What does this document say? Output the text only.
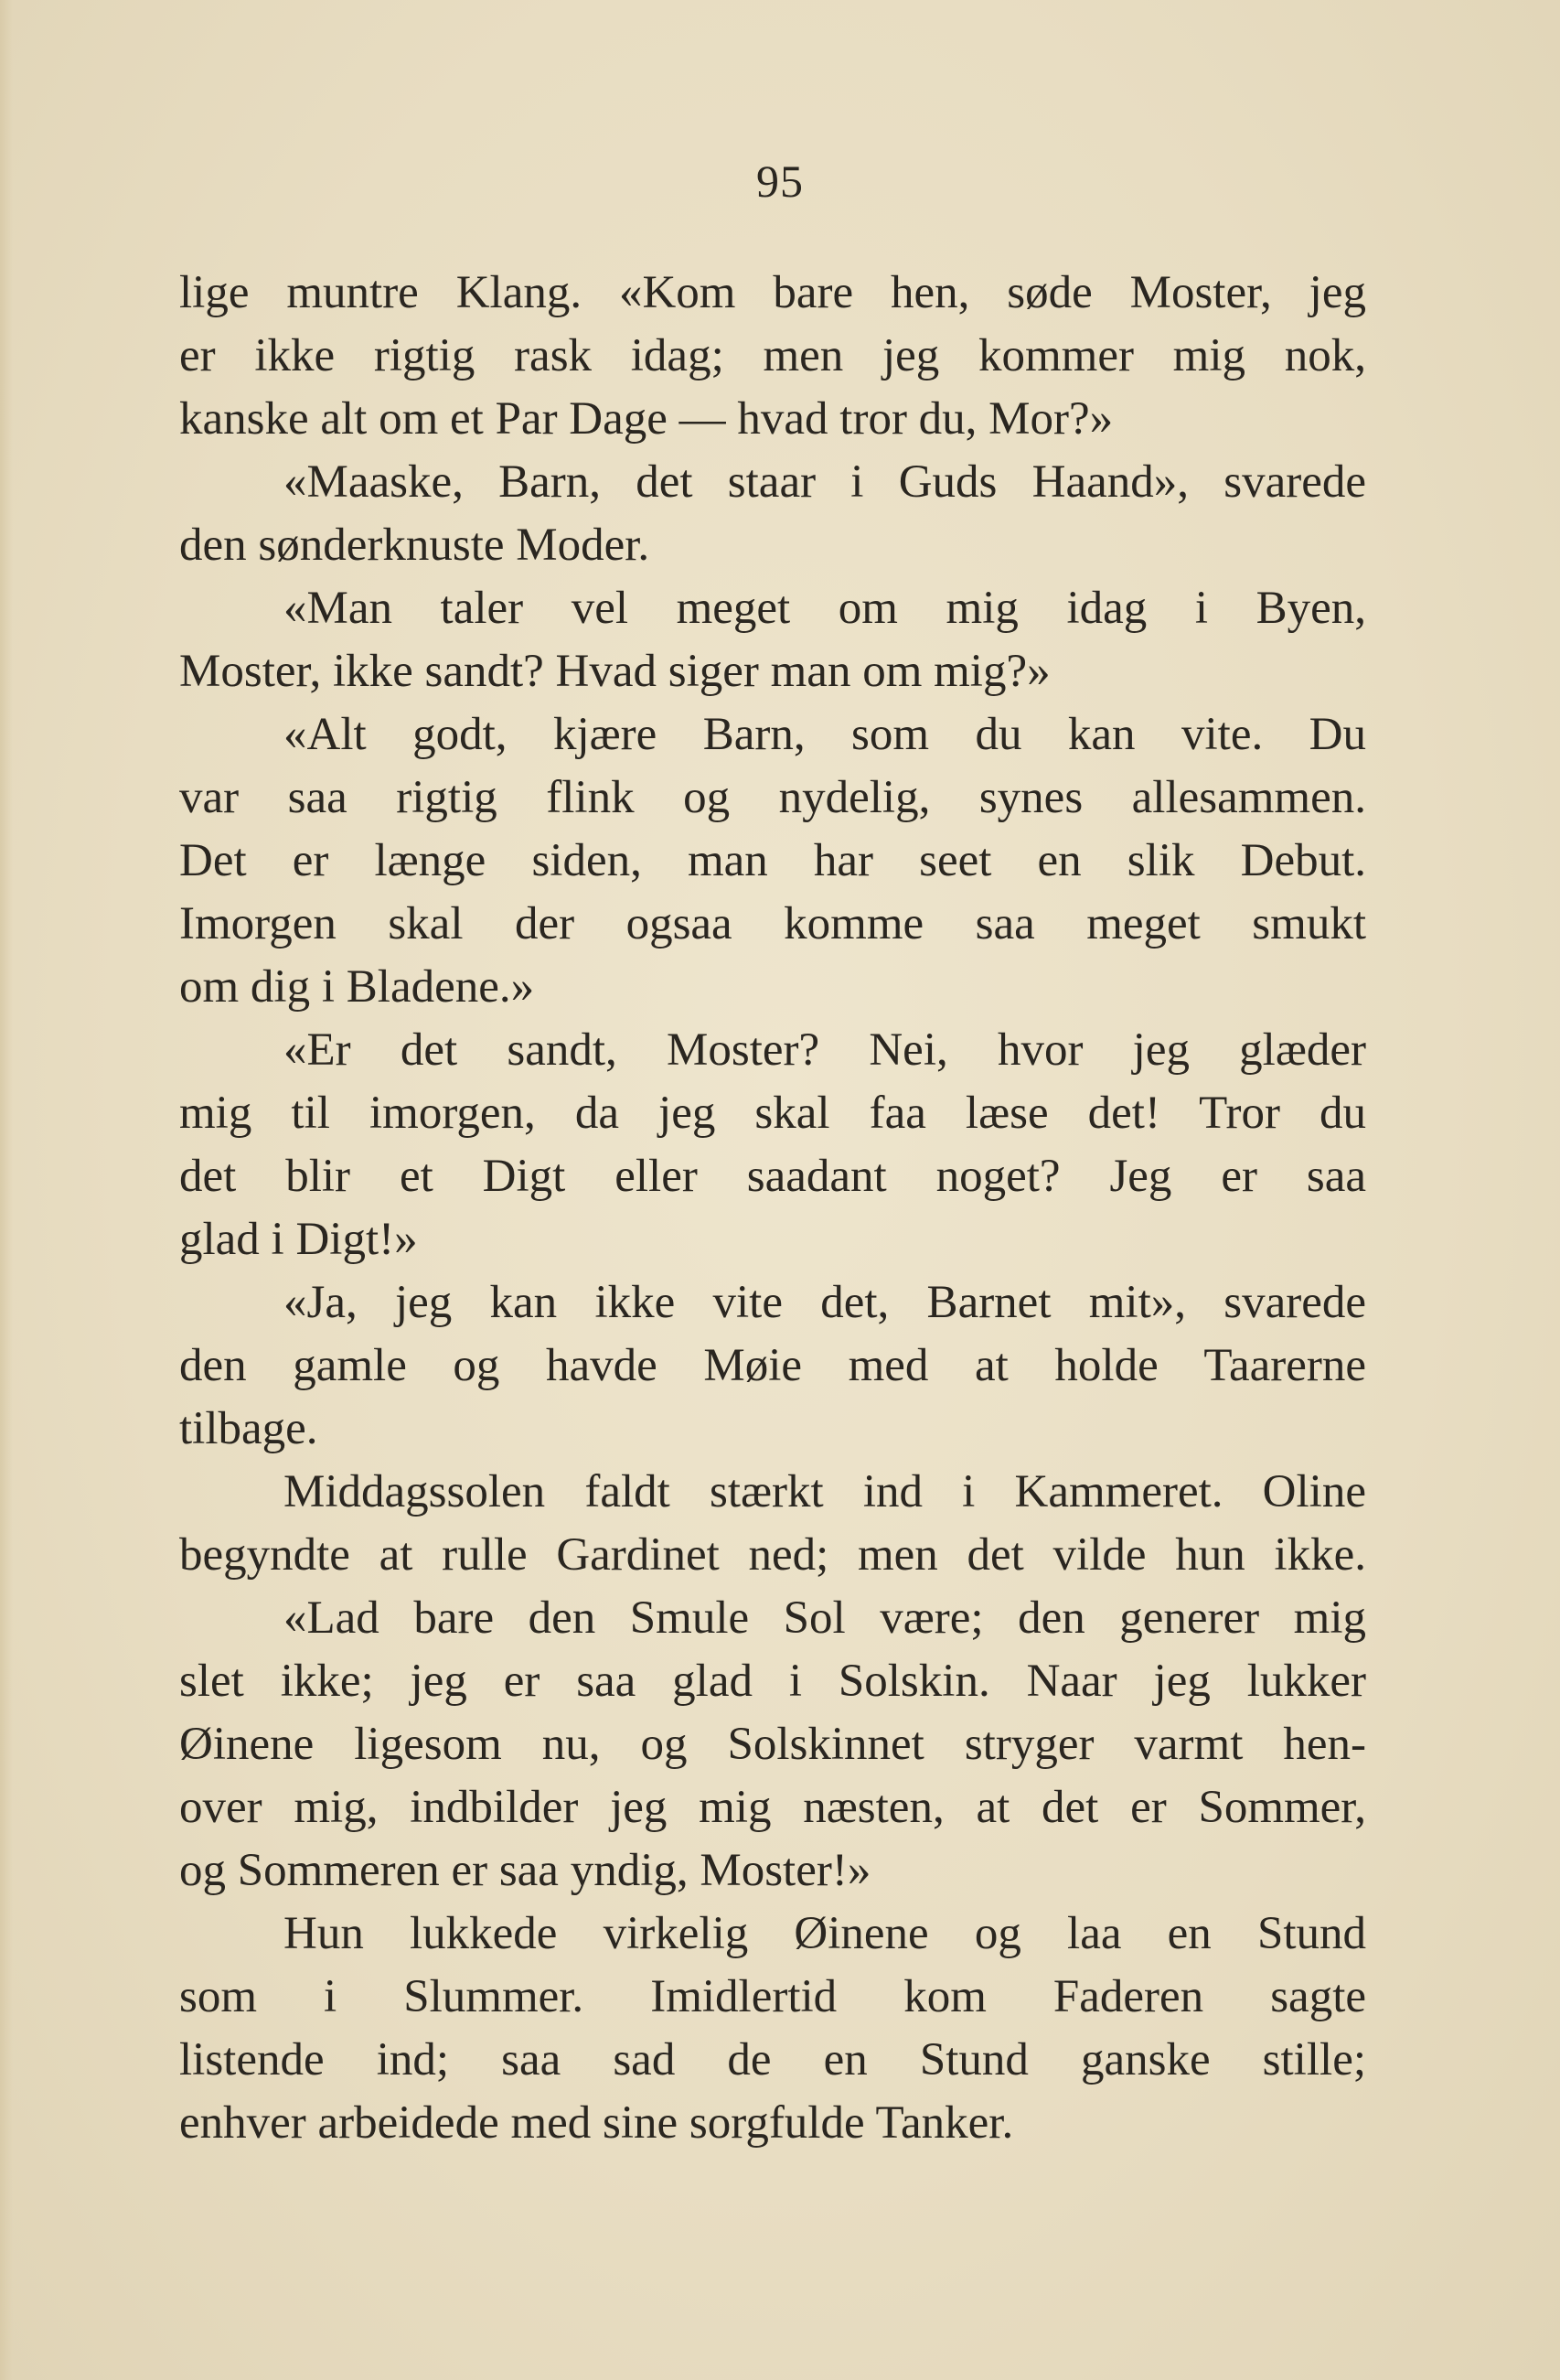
95
lige muntre Klang. «Kom bare hen, søde Moster, jeg
er ikke rigtig rask idag; men jeg kommer mig nok,
kanske alt om et Par Dage — hvad tror du, Mor?»
«Maaske, Barn, det staar i Guds Haand», svarede
den sønderknuste Moder.
«Man taler vel meget om mig idag i Byen,
Moster, ikke sandt? Hvad siger man om mig?»
«Alt godt, kjære Barn, som du kan vite. Du
var saa rigtig flink og nydelig, synes allesammen.
Det er længe siden, man har seet en slik Debut.
Imorgen skal der ogsaa komme saa meget smukt
om dig i Bladene.»
«Er det sandt, Moster? Nei, hvor jeg glæder
mig til imorgen, da jeg skal faa læse det! Tror du
det blir et Digt eller saadant noget? Jeg er saa
glad i Digt!»
«Ja, jeg kan ikke vite det, Barnet mit», svarede
den gamle og havde Møie med at holde Taarerne
tilbage.
Middagssolen faldt stærkt ind i Kammeret. Oline
begyndte at rulle Gardinet ned; men det vilde hun ikke.
«Lad bare den Smule Sol være; den generer mig
slet ikke; jeg er saa glad i Solskin. Naar jeg lukker
Øinene ligesom nu, og Solskinnet stryger varmt hen-
over mig, indbilder jeg mig næsten, at det er Sommer,
og Sommeren er saa yndig, Moster!»
Hun lukkede virkelig Øinene og laa en Stund
som i Slummer. Imidlertid kom Faderen sagte
listende ind; saa sad de en Stund ganske stille;
enhver arbeidede med sine sorgfulde Tanker.
